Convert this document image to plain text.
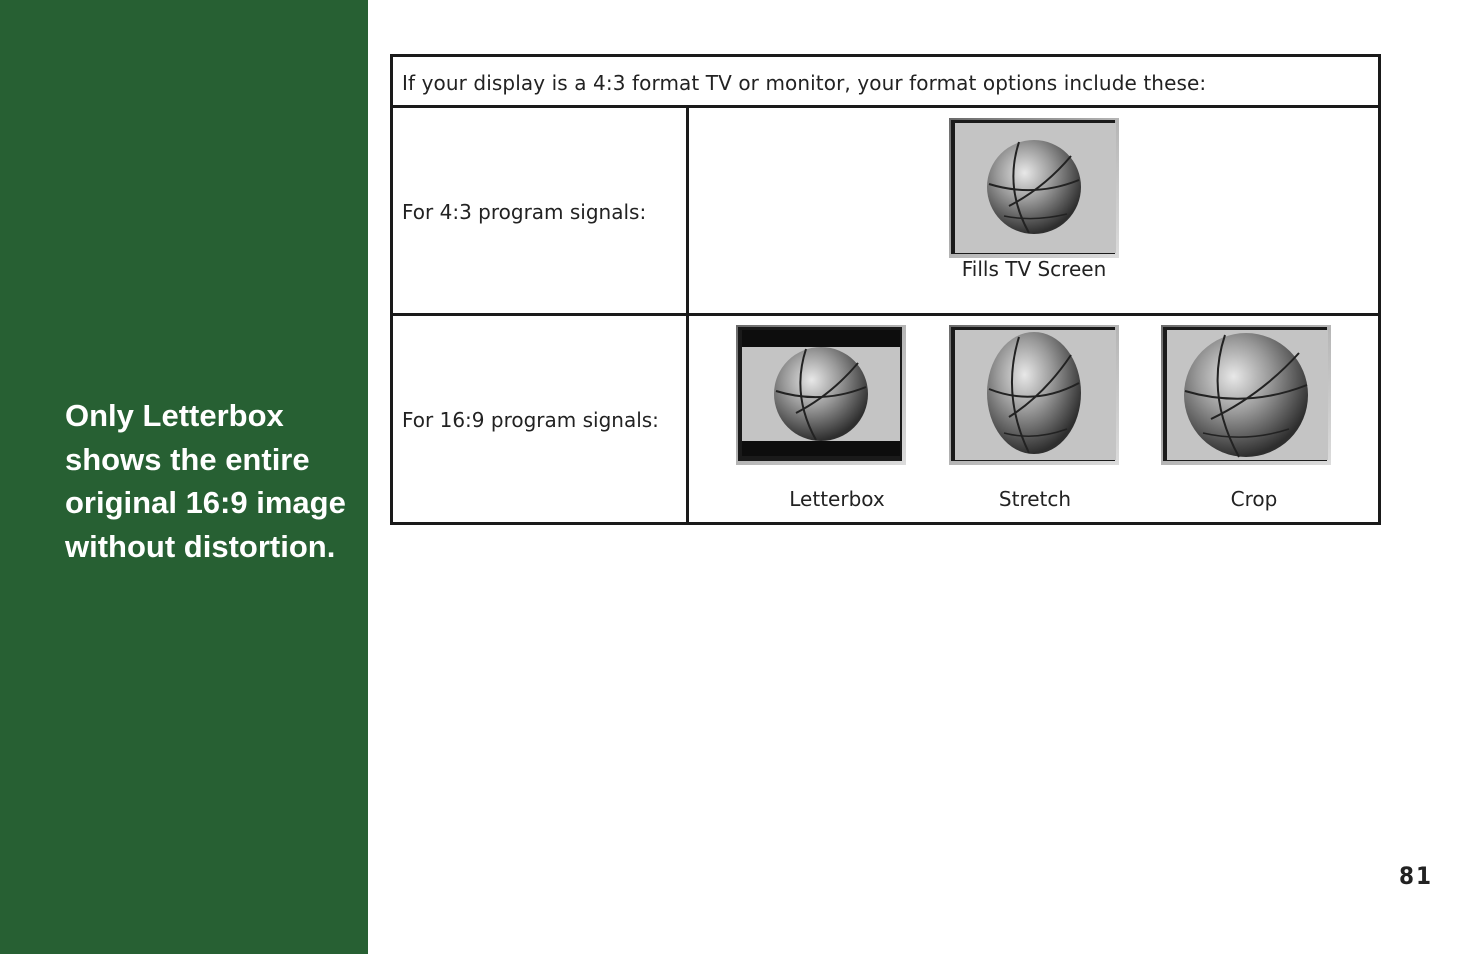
Only Letterbox shows the entire original 16:9 image without distortion.
If your display is a 4:3 format TV or monitor, your format options include these:
For 4:3 program signals:
Fills TV Screen
For 16:9 program signals:
Letterbox	Stretch	Crop
81
